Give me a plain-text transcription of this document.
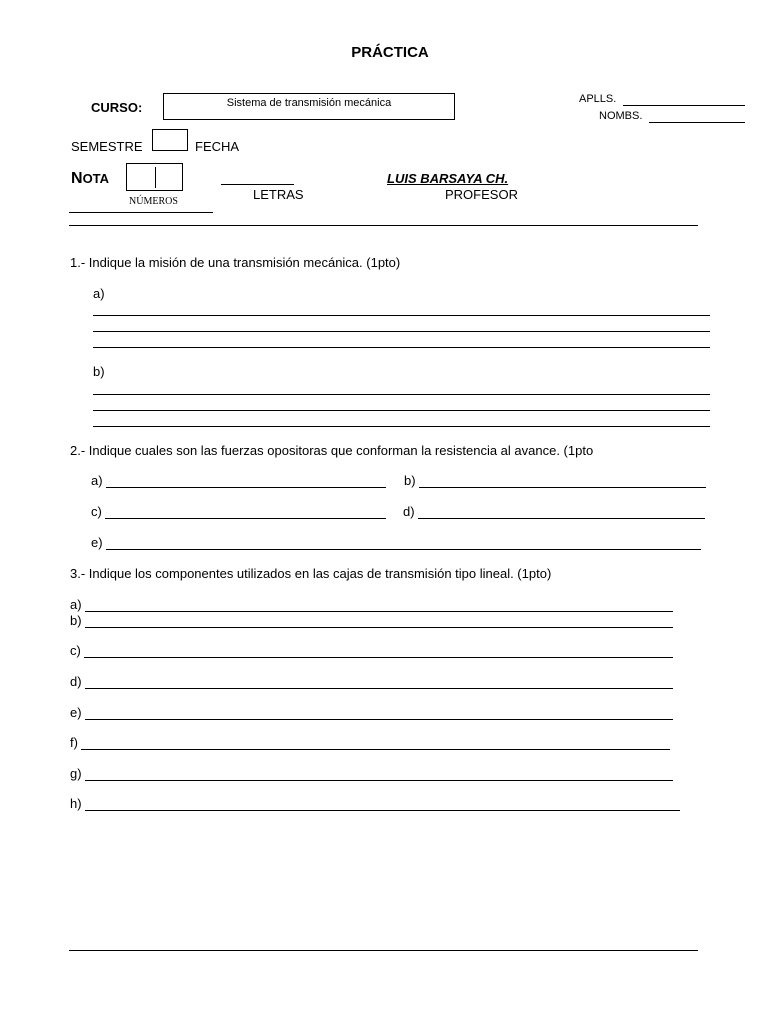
PRÁCTICA
CURSO:	Sistema de transmisión mecánica	APLLS.
NOMBS.
SEMESTRE	FECHA
NOTA
NÚMEROS	LETRAS
LUIS BARSAYA CH.
PROFESOR
1.- Indique la misión de una transmisión mecánica. (1pto)
a)
b)
2.- Indique cuales son las fuerzas opositoras que conforman la resistencia al avance. (1pto
a)	b)
c)	d)
e)
3.- Indique los componentes utilizados en las cajas de transmisión tipo lineal. (1pto)
a)
b)
c)
d)
e)
f)
g)
h)
